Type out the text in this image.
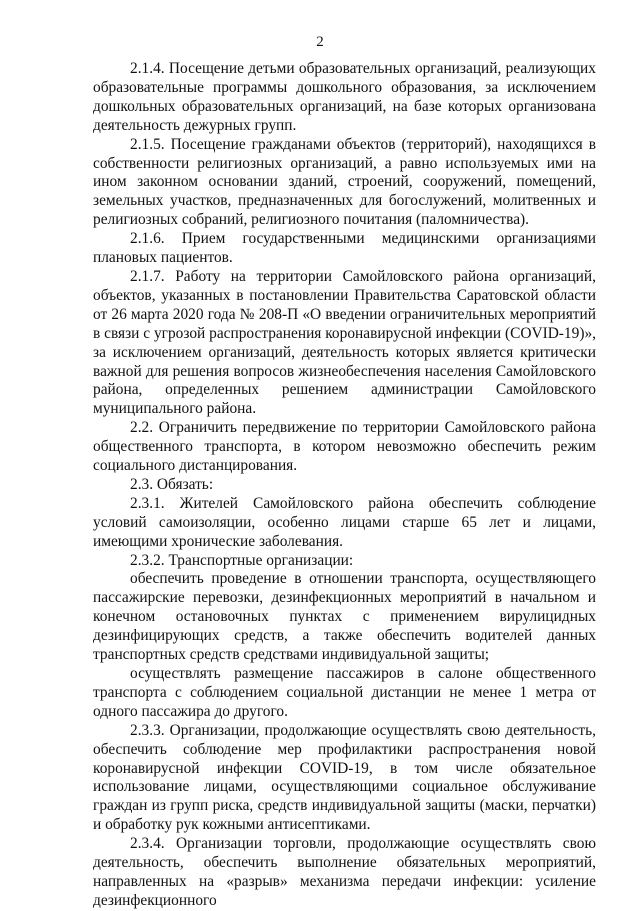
2

2.1.4. Посещение детьми образовательных организаций, реализующих образовательные программы дошкольного образования, за исключением дошкольных образовательных организаций, на базе которых организована деятельность дежурных групп.

2.1.5. Посещение гражданами объектов (территорий), находящихся в собственности религиозных организаций, а равно используемых ими на ином законном основании зданий, строений, сооружений, помещений, земельных участков, предназначенных для богослужений, молитвенных и религиозных собраний, религиозного почитания (паломничества).

2.1.6. Прием государственными медицинскими организациями плановых пациентов.

2.1.7. Работу на территории Самойловского района организаций, объектов, указанных в постановлении Правительства Саратовской области от 26 марта 2020 года № 208-П «О введении ограничительных мероприятий в связи с угрозой распространения коронавирусной инфекции (COVID-19)», за исключением организаций, деятельность которых является критически важной для решения вопросов жизнеобеспечения населения Самойловского района, определенных решением администрации Самойловского муниципального района.

2.2. Ограничить передвижение по территории Самойловского района общественного транспорта, в котором невозможно обеспечить режим социального дистанцирования.

2.3. Обязать:

2.3.1. Жителей Самойловского района обеспечить соблюдение условий самоизоляции, особенно лицами старше 65 лет и лицами, имеющими хронические заболевания.

2.3.2. Транспортные организации:

обеспечить проведение в отношении транспорта, осуществляющего пассажирские перевозки, дезинфекционных мероприятий в начальном и конечном остановочных пунктах с применением вирулицидных дезинфицирующих средств, а также обеспечить водителей данных транспортных средств средствами индивидуальной защиты;

осуществлять размещение пассажиров в салоне общественного транспорта с соблюдением социальной дистанции не менее 1 метра от одного пассажира до другого.

2.3.3. Организации, продолжающие осуществлять свою деятельность, обеспечить соблюдение мер профилактики распространения новой коронавирусной инфекции COVID-19, в том числе обязательное использование лицами, осуществляющими социальное обслуживание граждан из групп риска, средств индивидуальной защиты (маски, перчатки) и обработку рук кожными антисептиками.

2.3.4. Организации торговли, продолжающие осуществлять свою деятельность, обеспечить выполнение обязательных мероприятий, направленных на «разрыв» механизма передачи инфекции: усиление дезинфекционного
